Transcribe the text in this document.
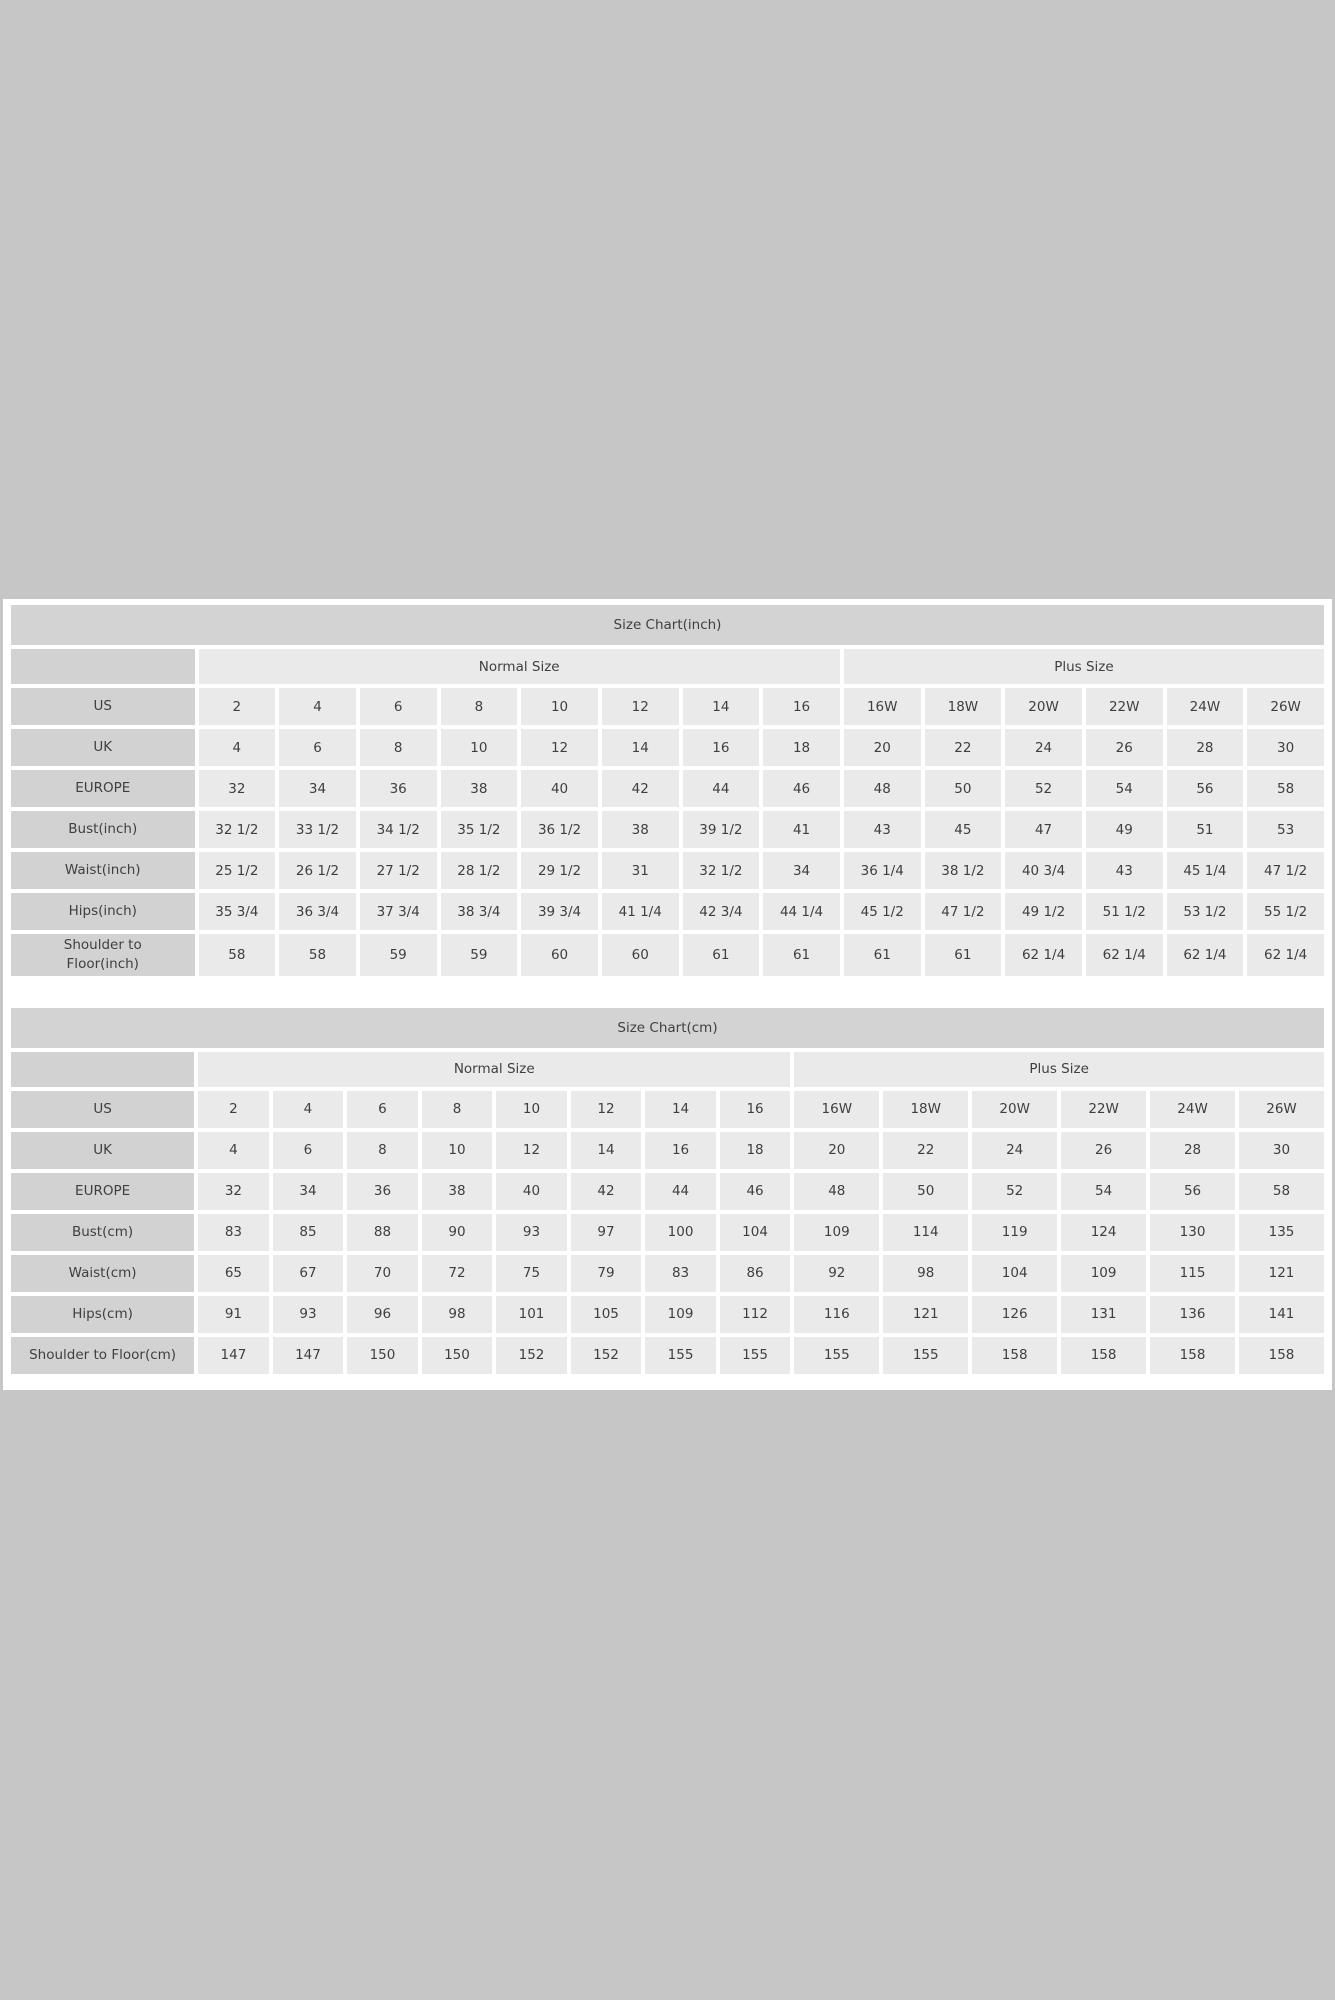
Size Chart(inch)														
	Normal Size								Plus Size					
US	2	4	6	8	10	12	14	16	16W	18W	20W	22W	24W	26W
UK	4	6	8	10	12	14	16	18	20	22	24	26	28	30
EUROPE	32	34	36	38	40	42	44	46	48	50	52	54	56	58
Bust(inch)	32 1/2	33 1/2	34 1/2	35 1/2	36 1/2	38	39 1/2	41	43	45	47	49	51	53
Waist(inch)	25 1/2	26 1/2	27 1/2	28 1/2	29 1/2	31	32 1/2	34	36 1/4	38 1/2	40 3/4	43	45 1/4	47 1/2
Hips(inch)	35 3/4	36 3/4	37 3/4	38 3/4	39 3/4	41 1/4	42 3/4	44 1/4	45 1/2	47 1/2	49 1/2	51 1/2	53 1/2	55 1/2
Shoulder to Floor(inch)	58	58	59	59	60	60	61	61	61	61	62 1/4	62 1/4	62 1/4	62 1/4
Size Chart(cm)														
	Normal Size								Plus Size					
US	2	4	6	8	10	12	14	16	16W	18W	20W	22W	24W	26W
UK	4	6	8	10	12	14	16	18	20	22	24	26	28	30
EUROPE	32	34	36	38	40	42	44	46	48	50	52	54	56	58
Bust(cm)	83	85	88	90	93	97	100	104	109	114	119	124	130	135
Waist(cm)	65	67	70	72	75	79	83	86	92	98	104	109	115	121
Hips(cm)	91	93	96	98	101	105	109	112	116	121	126	131	136	141
Shoulder to Floor(cm)	147	147	150	150	152	152	155	155	155	155	158	158	158	158
